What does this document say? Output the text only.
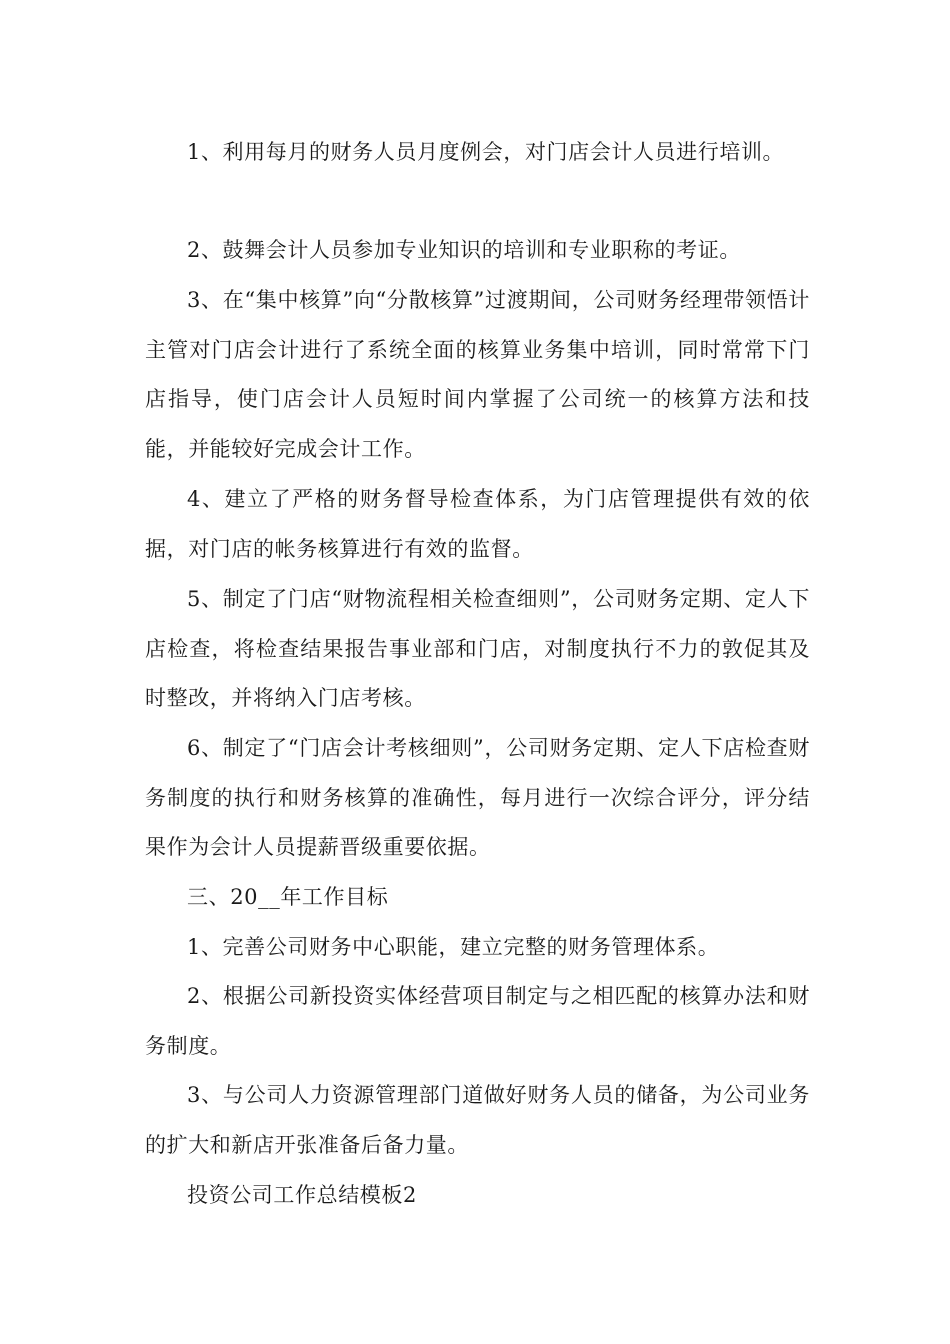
1、利用每月的财务人员月度例会，对门店会计人员进行培训。

2、鼓舞会计人员参加专业知识的培训和专业职称的考证。

3、在“集中核算”向“分散核算”过渡期间，公司财务经理带领悟计主管对门店会计进行了系统全面的核算业务集中培训，同时常常下门店指导，使门店会计人员短时间内掌握了公司统一的核算方法和技能，并能较好完成会计工作。

4、建立了严格的财务督导检查体系，为门店管理提供有效的依据，对门店的帐务核算进行有效的监督。

5、制定了门店“财物流程相关检查细则”，公司财务定期、定人下店检查，将检查结果报告事业部和门店，对制度执行不力的敦促其及时整改，并将纳入门店考核。

6、制定了“门店会计考核细则”，公司财务定期、定人下店检查财务制度的执行和财务核算的准确性，每月进行一次综合评分，评分结果作为会计人员提薪晋级重要依据。

三、20__年工作目标

1、完善公司财务中心职能，建立完整的财务管理体系。

2、根据公司新投资实体经营项目制定与之相匹配的核算办法和财务制度。

3、与公司人力资源管理部门道做好财务人员的储备，为公司业务的扩大和新店开张准备后备力量。

投资公司工作总结模板2
